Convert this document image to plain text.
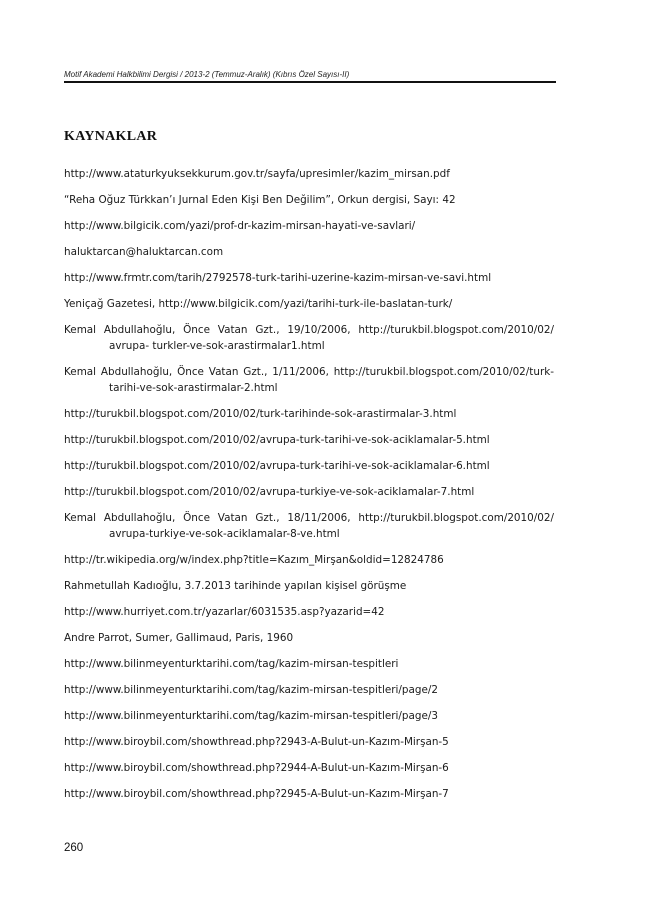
Motif Akademi Halkbilimi Dergisi / 2013-2 (Temmuz-Aralık) (Kıbrıs Özel Sayısı-II)
KAYNAKLAR
http://www.ataturkyuksekkurum.gov.tr/sayfa/upresimler/kazim_mirsan.pdf
“Reha Oğuz Türkkan’ı Jurnal Eden Kişi Ben Değilim”, Orkun dergisi, Sayı: 42
http://www.bilgicik.com/yazi/prof-dr-kazim-mirsan-hayati-ve-savlari/
haluktarcan@haluktarcan.com
http://www.frmtr.com/tarih/2792578-turk-tarihi-uzerine-kazim-mirsan-ve-savi.html
Yeniçağ Gazetesi, http://www.bilgicik.com/yazi/tarihi-turk-ile-baslatan-turk/
Kemal Abdullahoğlu, Önce Vatan Gzt., 19/10/2006, http://turukbil.blogspot.com/2010/02/ avrupa- turkler-ve-sok-arastirmalar1.html
Kemal Abdullahoğlu, Önce Vatan Gzt., 1/11/2006, http://turukbil.blogspot.com/2010/02/turk-tarihi-ve-sok-arastirmalar-2.html
http://turukbil.blogspot.com/2010/02/turk-tarihinde-sok-arastirmalar-3.html
http://turukbil.blogspot.com/2010/02/avrupa-turk-tarihi-ve-sok-aciklamalar-5.html
http://turukbil.blogspot.com/2010/02/avrupa-turk-tarihi-ve-sok-aciklamalar-6.html
http://turukbil.blogspot.com/2010/02/avrupa-turkiye-ve-sok-aciklamalar-7.html
Kemal Abdullahoğlu, Önce Vatan Gzt., 18/11/2006, http://turukbil.blogspot.com/2010/02/ avrupa-turkiye-ve-sok-aciklamalar-8-ve.html
http://tr.wikipedia.org/w/index.php?title=Kazım_Mirşan&oldid=12824786
Rahmetullah Kadıoğlu, 3.7.2013 tarihinde yapılan kişisel görüşme
http://www.hurriyet.com.tr/yazarlar/6031535.asp?yazarid=42
Andre Parrot, Sumer, Gallimaud, Paris, 1960
http://www.bilinmeyenturktarihi.com/tag/kazim-mirsan-tespitleri
http://www.bilinmeyenturktarihi.com/tag/kazim-mirsan-tespitleri/page/2
http://www.bilinmeyenturktarihi.com/tag/kazim-mirsan-tespitleri/page/3
http://www.biroybil.com/showthread.php?2943-A-Bulut-un-Kazım-Mirşan-5
http://www.biroybil.com/showthread.php?2944-A-Bulut-un-Kazım-Mirşan-6
http://www.biroybil.com/showthread.php?2945-A-Bulut-un-Kazım-Mirşan-7
260
